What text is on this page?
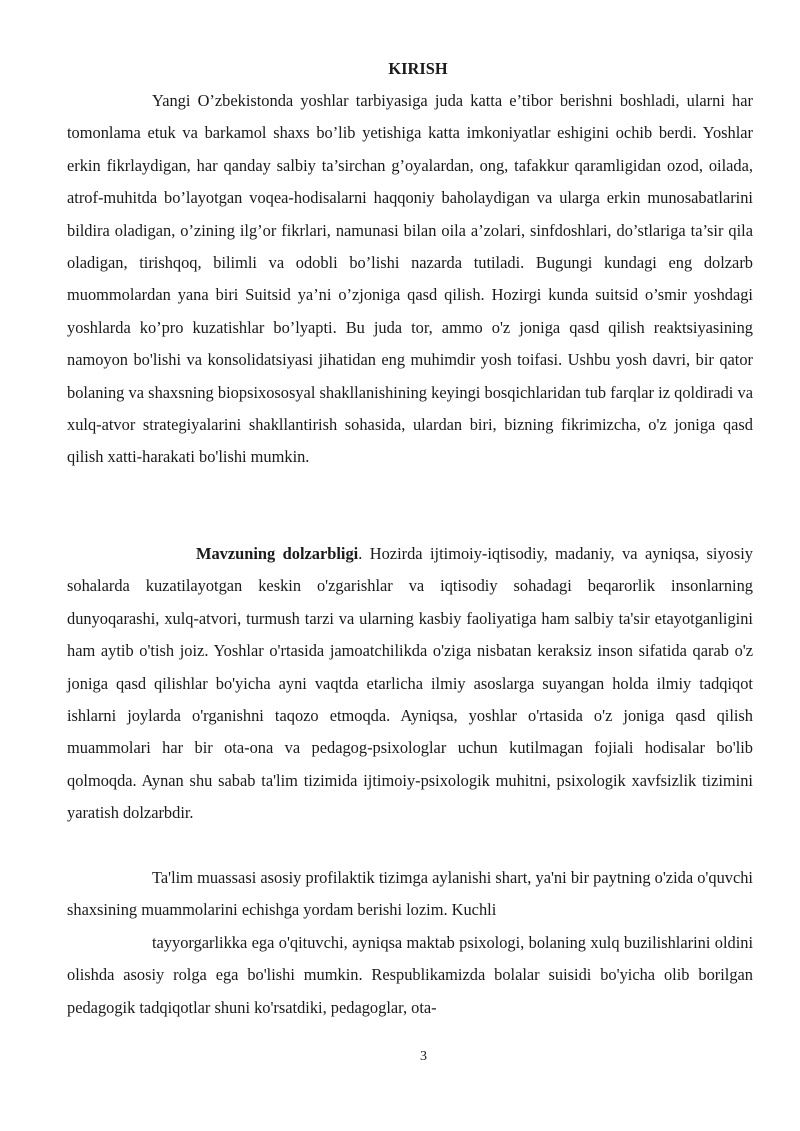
KIRISH

Yangi O’zbekistonda yoshlar tarbiyasiga juda katta e’tibor berishni boshladi, ularni har tomonlama etuk va barkamol shaxs bo’lib yetishiga katta imkoniyatlar eshigini ochib berdi. Yoshlar erkin fikrlaydigan, har qanday salbiy ta’sirchan g’oyalardan, ong, tafakkur qaramligidan ozod, oilada, atrof-muhitda bo’layotgan voqea-hodisalarni haqqoniy baholaydigan va ularga erkin munosabatlarini bildira oladigan, o’zining ilg’or fikrlari, namunasi bilan oila a’zolari, sinfdoshlari, do’stlariga ta’sir qila oladigan, tirishqoq, bilimli va odobli bo’lishi nazarda tutiladi. Bugungi kundagi eng dolzarb muommolardan yana biri Suitsid ya’ni o’zjoniga qasd qilish. Hozirgi kunda suitsid o’smir yoshdagi yoshlarda ko’pro kuzatishlar bo’lyapti. Bu juda tor, ammo o'z joniga qasd qilish reaktsiyasining namoyon bo'lishi va konsolidatsiyasi jihatidan eng muhimdir yosh toifasi. Ushbu yosh davri, bir qator bolaning va shaxsning biopsixososyal shakllanishining keyingi bosqichlaridan tub farqlar iz qoldiradi va xulq-atvor strategiyalarini shakllantirish sohasida, ulardan biri, bizning fikrimizcha, o'z joniga qasd qilish xatti-harakati bo'lishi mumkin.

Mavzuning dolzarbligi. Hozirda ijtimoiy-iqtisodiy, madaniy, va ayniqsa, siyosiy sohalarda kuzatilayotgan keskin o'zgarishlar va iqtisodiy sohadagi beqarorlik insonlarning dunyoqarashi, xulq-atvori, turmush tarzi va ularning kasbiy faoliyatiga ham salbiy ta'sir etayotganligini ham aytib o'tish joiz. Yoshlar o'rtasida jamoatchilikda o'ziga nisbatan keraksiz inson sifatida qarab o'z joniga qasd qilishlar bo'yicha ayni vaqtda etarlicha ilmiy asoslarga suyangan holda ilmiy tadqiqot ishlarni joylarda o'rganishni taqozo etmoqda. Ayniqsa, yoshlar o'rtasida o'z joniga qasd qilish muammolari har bir ota-ona va pedagog-psixologlar uchun kutilmagan fojiali hodisalar bo'lib qolmoqda. Aynan shu sabab ta'lim tizimida ijtimoiy-psixologik muhitni, psixologik xavfsizlik tizimini yaratish dolzarbdir.

Ta'lim muassasi asosiy profilaktik tizimga aylanishi shart, ya'ni bir paytning o'zida o'quvchi shaxsining muammolarini echishga yordam berishi lozim. Kuchli

tayyorgarlikka ega o'qituvchi, ayniqsa maktab psixologi, bolaning xulq buzilishlarini oldini olishda asosiy rolga ega bo'lishi mumkin. Respublikamizda bolalar suisidi bo'yicha olib borilgan pedagogik tadqiqotlar shuni ko'rsatdiki, pedagoglar, ota-

3
